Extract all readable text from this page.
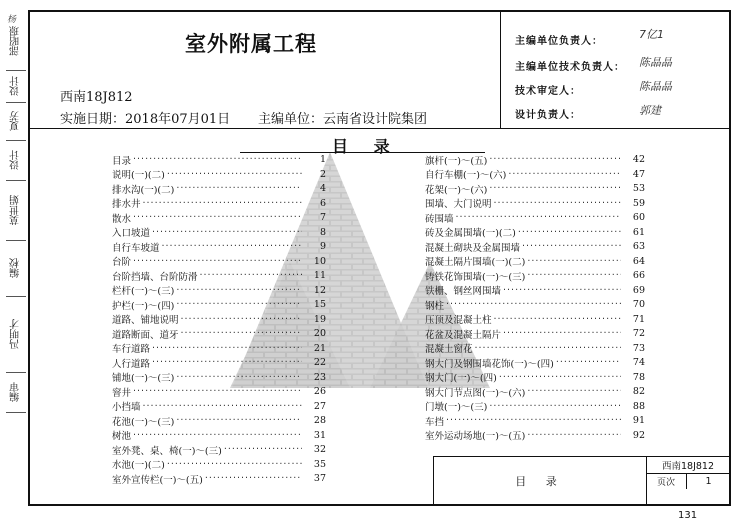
部昭璟
设计
夏芳
设计
莫世娟
编校
冯明才
编审
杨
室外附属工程
西南18J812
实施日期：2018年07月01日 主编单位：云南省设计院集团
主编单位负责人：
7亿1
主编单位技术负责人： 陈晶晶
技术审定人：	陈晶晶
设计负责人：	郭建
目 录
目录 ·····	1
说明(一)(二) ·····	2
排水沟(一)(二) ·····	4
排水井 ·····	6
散水 ·····	7
入口坡道 ·····	8
自行车坡道 ·····	9
台阶 ·····	10
台阶挡墙、台阶防滑 ·····	11
栏杆(一)～(三) ·····	12
护栏(一)～(四) ·····	15
道路、铺地说明 ·····	19
道路断面、道牙 ·····	20
车行道路 ·····	21
人行道路 ·····	22
铺地(一)～(三) ·····	23
窨井 ·····	26
小挡墙 ·····	27
花池(一)～(三) ·····	28
树池 ·····	31
室外凳、桌、椅(一)～(三) ·····	32
水池(一)(二) ·····	35
室外宣传栏(一)～(五) ·····	37
旗杆(一)～(五) ·····	42
自行车棚(一)～(六) ·····	47
花架(一)～(六) ·····	53
围墙、大门说明 ·····	59
砖围墙 ·····	60
砖及金属围墙(一)(二) ·····	61
混凝土砌块及金属围墙 ·····	63
混凝土隔片围墙(一)(二) ·····	64
铸铁花饰围墙(一)～(三) ·····	66
铁栅、钢丝网围墙 ·····	69
钢柱 ·····	70
压顶及混凝土柱 ·····	71
花盆及混凝土隔片 ·····	72
混凝土窗花 ·····	73
钢大门及钢围墙花饰(一)～(四) ·····	74
钢大门(一)～(四) ·····	78
钢大门节点图(一)～(六) ·····	82
门墩(一)～(三) ·····	88
车挡 ·····	91
室外运动场地(一)～(五) ·····	92
目 录
西南18J812
页次	1
131
